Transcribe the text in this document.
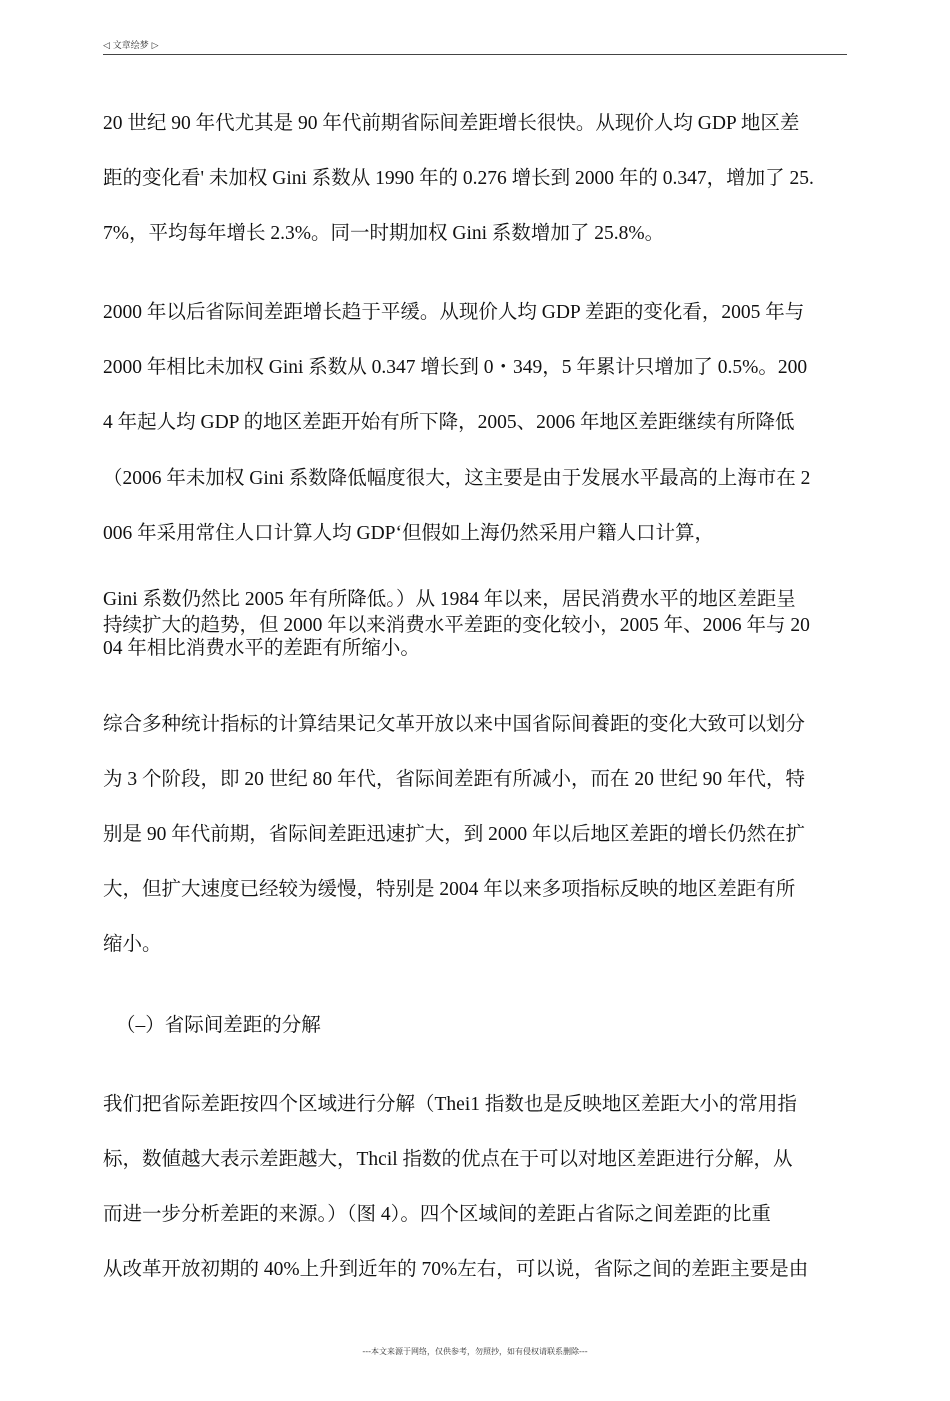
◁ 文章绘梦 ▷
20 世纪 90 年代尤其是 90 年代前期省际间差距增长很快。从现价人均 GDP 地区差
距的变化看' 未加权 Gini 系数从 1990 年的 0.276 增长到 2000 年的 0.347，增加了 25.
7%，平均每年增长 2.3%。同一时期加权 Gini 系数增加了 25.8%。
2000 年以后省际间差距增长趋于平缓。从现价人均 GDP 差距的变化看，2005 年与
2000 年相比未加权 Gini 系数从 0.347 增长到 0・349，5 年累计只增加了 0.5%。200
4 年起人均 GDP 的地区差距开始有所下降，2005、2006 年地区差距继续有所降低
（2006 年未加权 Gini 系数降低幅度很大，这主要是由于发展水平最高的上海市在 2
006 年采用常住人口计算人均 GDP‘但假如上海仍然采用户籍人口计算，
Gini 系数仍然比 2005 年有所降低。）从 1984 年以来，居民消费水平的地区差距呈
持续扩大的趋势，但 2000 年以来消费水平差距的变化较小，2005 年、2006 年与 20
04 年相比消费水平的差距有所缩小。
综合多种统计指标的计算结果记攵革开放以来中国省际间養距的变化大致可以划分
为 3 个阶段，即 20 世纪 80 年代，省际间差距有所减小，而在 20 世纪 90 年代，特
别是 90 年代前期，省际间差距迅速扩大，到 2000 年以后地区差距的增长仍然在扩
大，但扩大速度已经较为缓慢，特别是 2004 年以来多项指标反映的地区差距有所
缩小。
（–）省际间差距的分解
我们把省际差距按四个区域进行分解（Thei1 指数也是反映地区差距大小的常用指
标，数値越大表示差距越大，Thcil 指数的优点在于可以对地区差距进行分解，从
而进一步分析差距的来源。）（图 4）。四个区域间的差距占省际之间差距的比重
从改革开放初期的 40%上升到近年的 70%左右，可以说，省际之间的差距主要是由
---本文来源于网络，仅供参考，勿照抄，如有侵权请联系删除---
